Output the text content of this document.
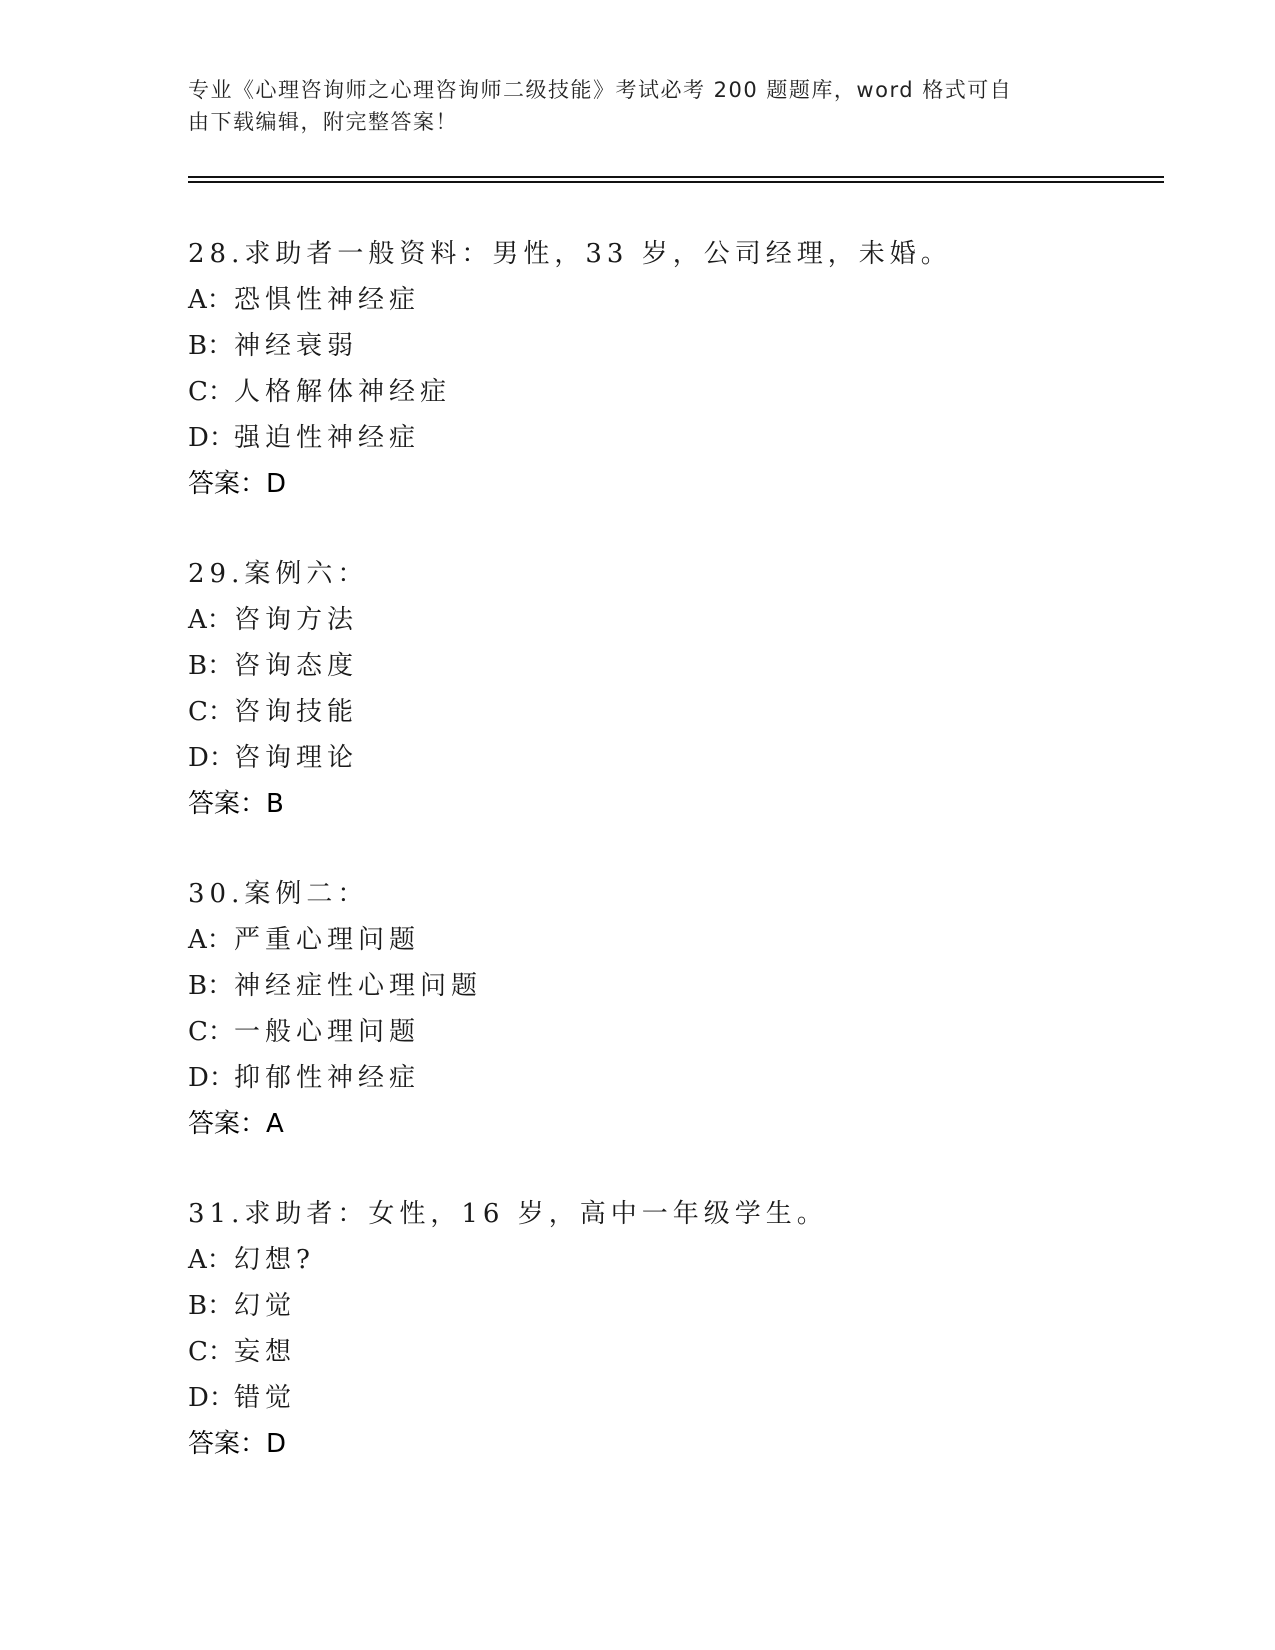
专业《心理咨询师之心理咨询师二级技能》考试必考 200 题题库，word 格式可自
由下载编辑，附完整答案！
28.求助者一般资料：男性，33 岁，公司经理，未婚。
A：恐惧性神经症
B：神经衰弱
C：人格解体神经症
D：强迫性神经症
答案：D
29.案例六：
A：咨询方法
B：咨询态度
C：咨询技能
D：咨询理论
答案：B
30.案例二：
A：严重心理问题
B：神经症性心理问题
C：一般心理问题
D：抑郁性神经症
答案：A
31.求助者：女性，16 岁，高中一年级学生。
A：幻想?
B：幻觉
C：妄想
D：错觉
答案：D
